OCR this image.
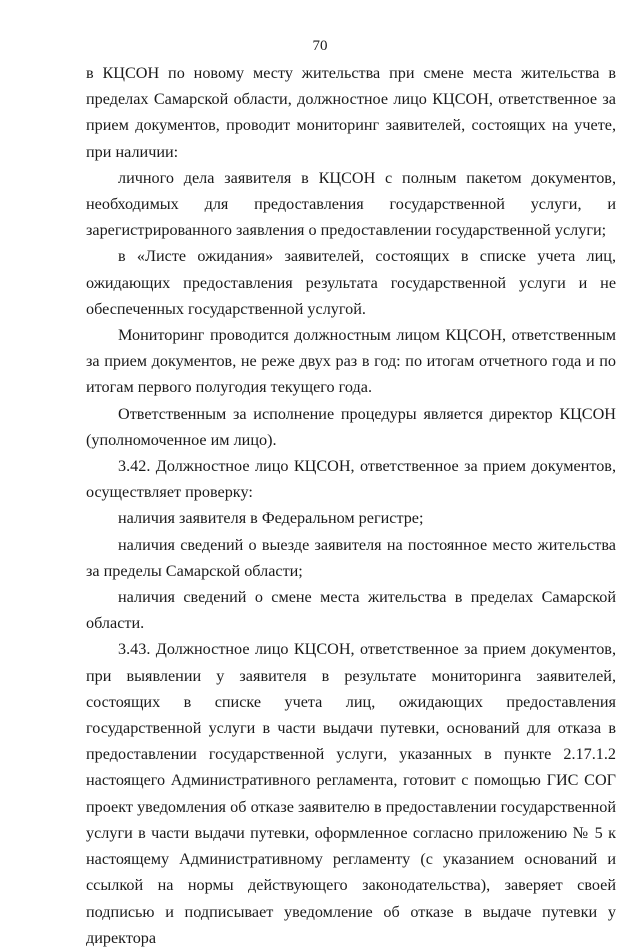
70

в КЦСОН по новому месту жительства при смене места жительства в пределах Самарской области, должностное лицо КЦСОН, ответственное за прием документов, проводит мониторинг заявителей, состоящих на учете, при наличии:

личного дела заявителя в КЦСОН с полным пакетом документов, необходимых для предоставления государственной услуги, и зарегистрированного заявления о предоставлении государственной услуги;

в «Листе ожидания» заявителей, состоящих в списке учета лиц, ожидающих предоставления результата государственной услуги и не обеспеченных государственной услугой.

Мониторинг проводится должностным лицом КЦСОН, ответственным за прием документов, не реже двух раз в год: по итогам отчетного года и по итогам первого полугодия текущего года.

Ответственным за исполнение процедуры является директор КЦСОН (уполномоченное им лицо).

3.42. Должностное лицо КЦСОН, ответственное за прием документов, осуществляет проверку:

наличия заявителя в Федеральном регистре;

наличия сведений о выезде заявителя на постоянное место жительства за пределы Самарской области;

наличия сведений о смене места жительства в пределах Самарской области.

3.43. Должностное лицо КЦСОН, ответственное за прием документов, при выявлении у заявителя в результате мониторинга заявителей, состоящих в списке учета лиц, ожидающих предоставления государственной услуги в части выдачи путевки, оснований для отказа в предоставлении государственной услуги, указанных в пункте 2.17.1.2 настоящего Административного регламента, готовит с помощью ГИС СОГ проект уведомления об отказе заявителю в предоставлении государственной услуги в части выдачи путевки, оформленное согласно приложению № 5 к настоящему Административному регламенту (с указанием оснований и ссылкой на нормы действующего законодательства), заверяет своей подписью и подписывает уведомление об отказе в выдаче путевки у директора
